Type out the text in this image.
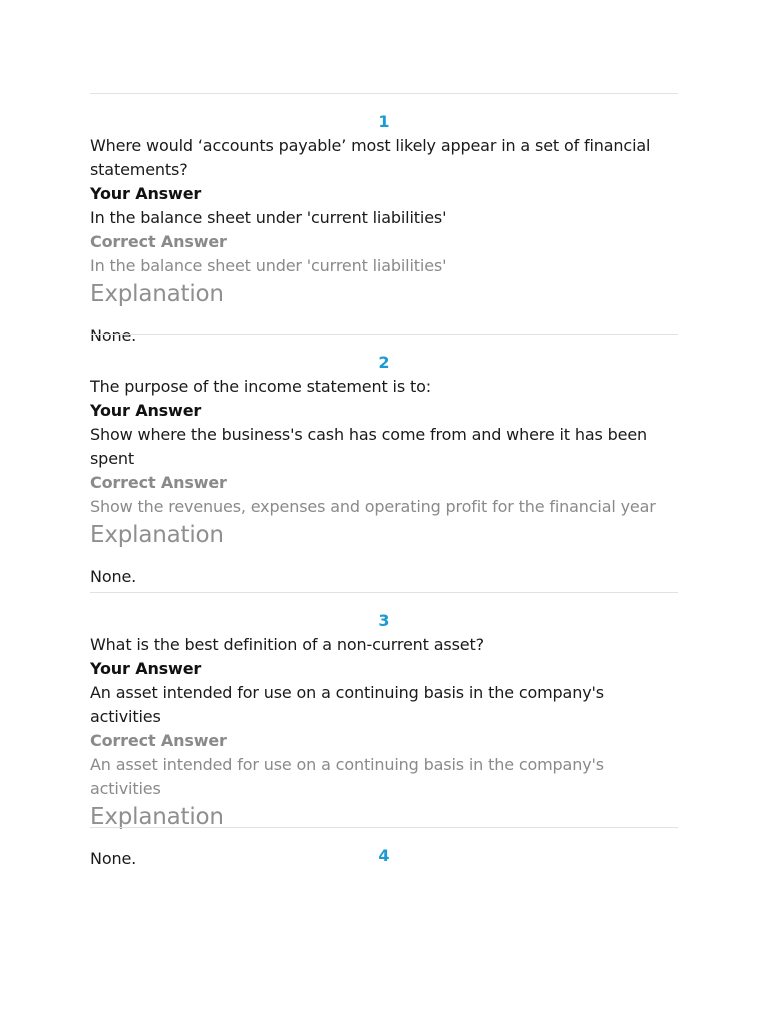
1

Where would ‘accounts payable’ most likely appear in a set of financial statements?

Your Answer

In the balance sheet under 'current liabilities'

Correct Answer

In the balance sheet under 'current liabilities'

Explanation

None.

2

The purpose of the income statement is to:

Your Answer

Show where the business's cash has come from and where it has been spent

Correct Answer

Show the revenues, expenses and operating profit for the financial year

Explanation

None.

3

What is the best definition of a non-current asset?

Your Answer

An asset intended for use on a continuing basis in the company's activities

Correct Answer

An asset intended for use on a continuing basis in the company's activities

Explanation

None.	4
